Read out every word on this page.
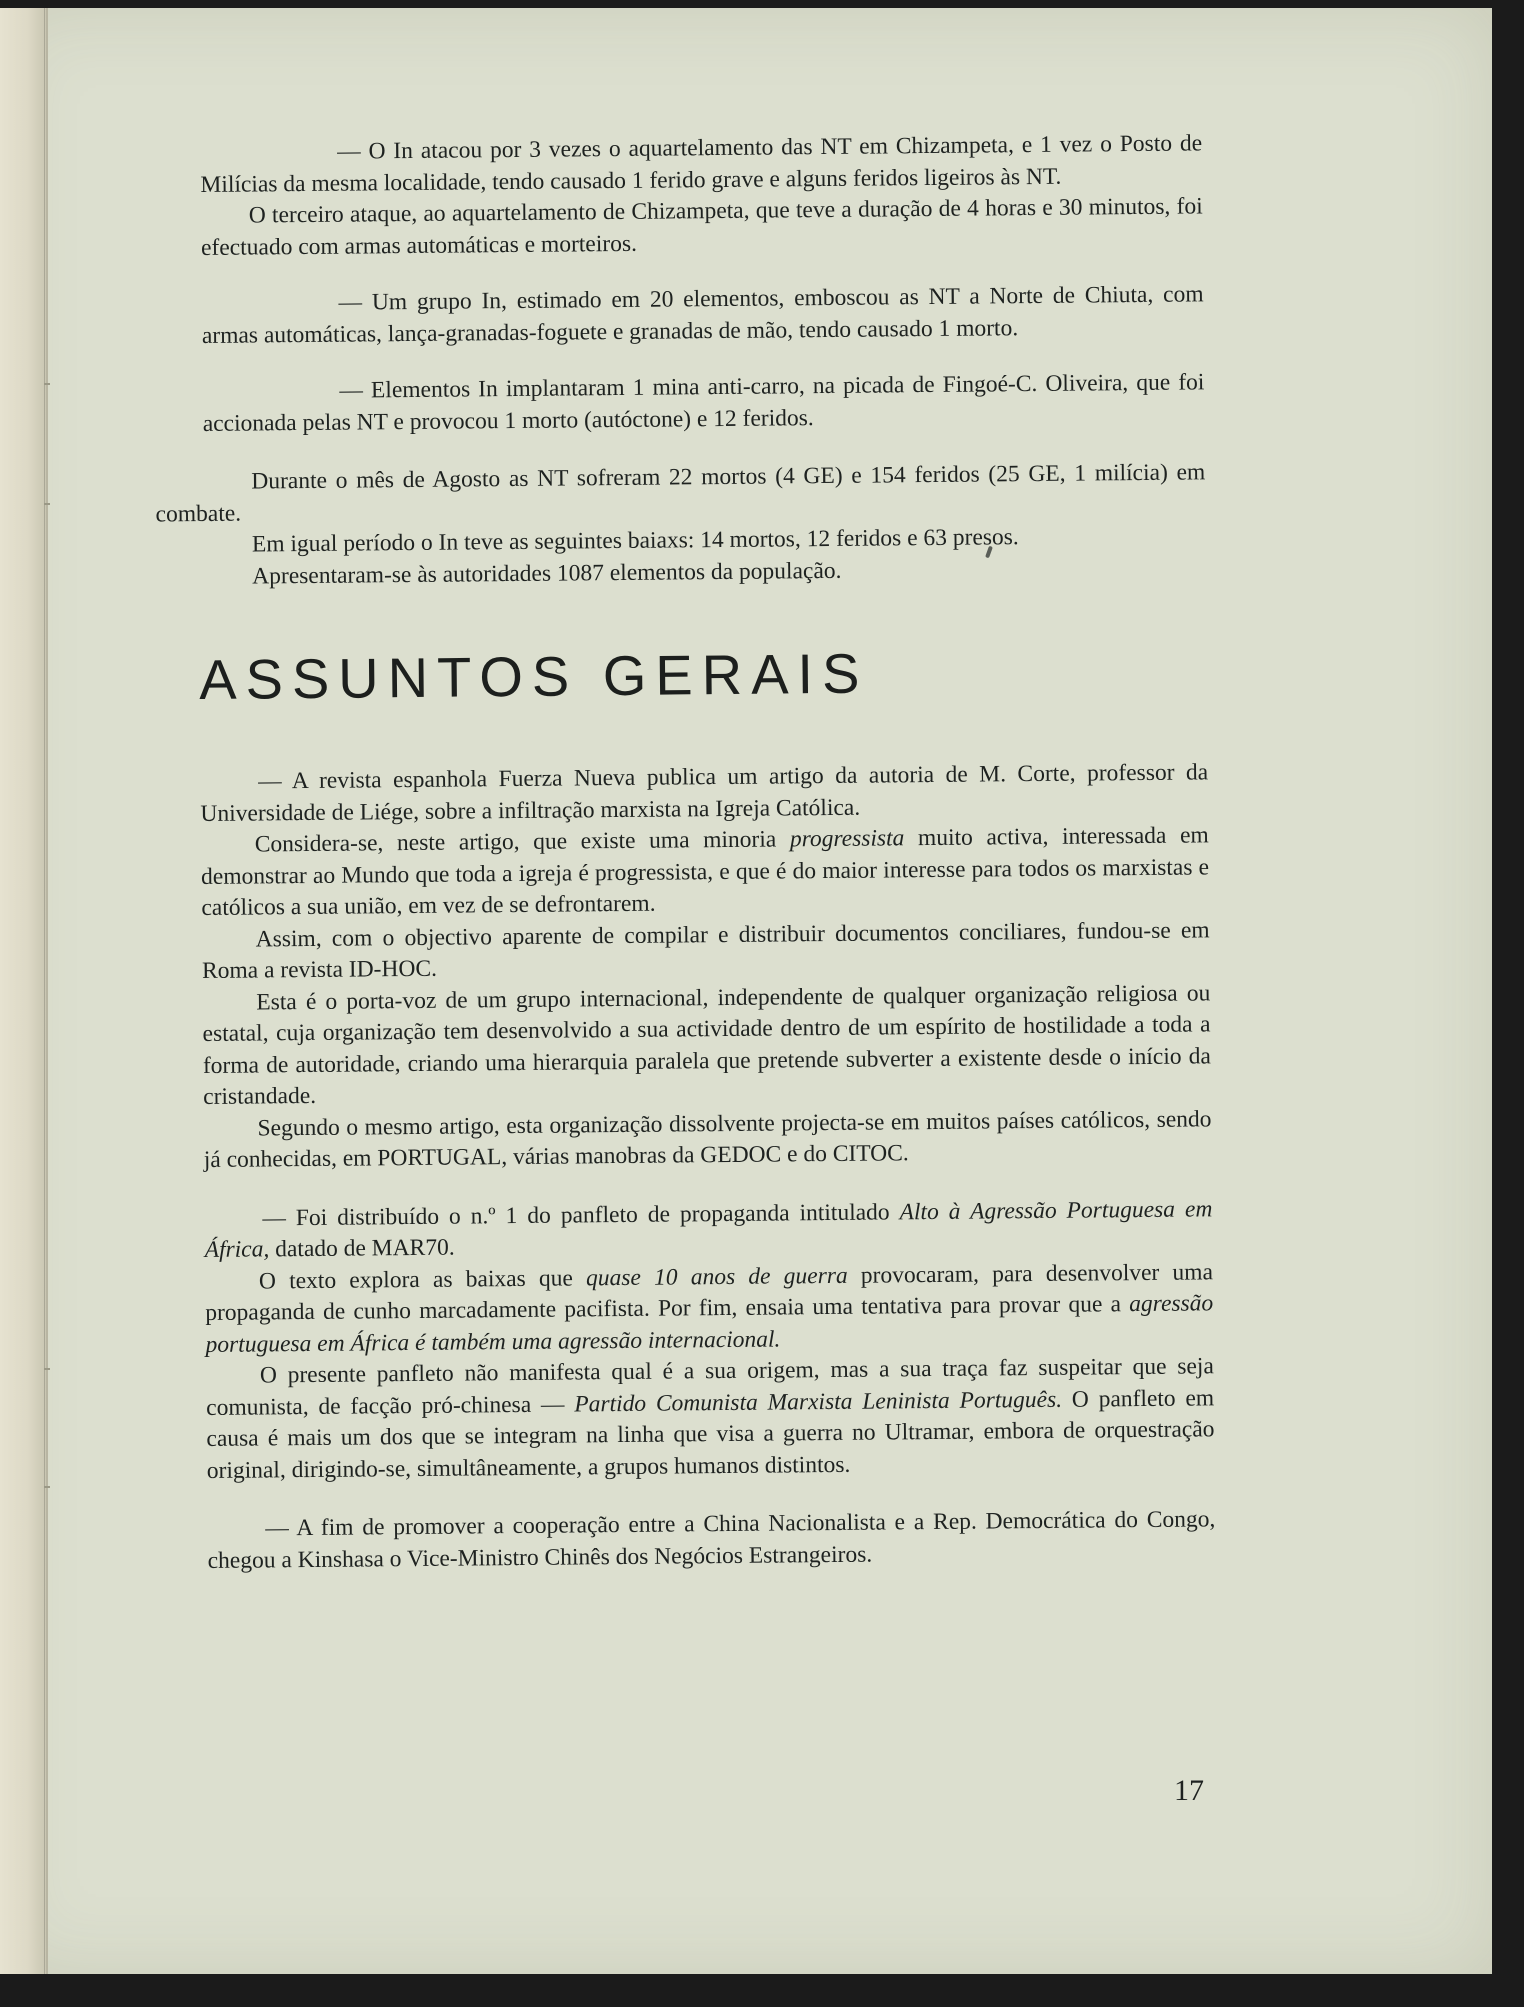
— O In atacou por 3 vezes o aquartelamento das NT em Chizampeta, e 1 vez o Posto de Milícias da mesma localidade, tendo causado 1 ferido grave e alguns feridos ligeiros às NT.

O terceiro ataque, ao aquartelamento de Chizampeta, que teve a duração de 4 horas e 30 minutos, foi efectuado com armas automáticas e morteiros.

— Um grupo In, estimado em 20 elementos, emboscou as NT a Norte de Chiuta, com armas automáticas, lança-granadas-foguete e granadas de mão, tendo causado 1 morto.

— Elementos In implantaram 1 mina anti-carro, na picada de Fingoé-C. Oliveira, que foi accionada pelas NT e provocou 1 morto (autóctone) e 12 feridos.

Durante o mês de Agosto as NT sofreram 22 mortos (4 GE) e 154 feridos (25 GE, 1 milícia) em combate.

Em igual período o In teve as seguintes baiaxs: 14 mortos, 12 feridos e 63 presos.

Apresentaram-se às autoridades 1087 elementos da população.

ASSUNTOS GERAIS

— A revista espanhola Fuerza Nueva publica um artigo da autoria de M. Corte, professor da Universidade de Liége, sobre a infiltração marxista na Igreja Católica.

Considera-se, neste artigo, que existe uma minoria progressista muito activa, interessada em demonstrar ao Mundo que toda a igreja é progressista, e que é do maior interesse para todos os marxistas e católicos a sua união, em vez de se defrontarem.

Assim, com o objectivo aparente de compilar e distribuir documentos conciliares, fundou-se em Roma a revista ID-HOC.

Esta é o porta-voz de um grupo internacional, independente de qualquer organização religiosa ou estatal, cuja organização tem desenvolvido a sua actividade dentro de um espírito de hostilidade a toda a forma de autoridade, criando uma hierarquia paralela que pretende subverter a existente desde o início da cristandade.

Segundo o mesmo artigo, esta organização dissolvente projecta-se em muitos países católicos, sendo já conhecidas, em PORTUGAL, várias manobras da GEDOC e do CITOC.

— Foi distribuído o n.º 1 do panfleto de propaganda intitulado Alto à Agressão Portuguesa em África, datado de MAR70.

O texto explora as baixas que quase 10 anos de guerra provocaram, para desenvolver uma propaganda de cunho marcadamente pacifista. Por fim, ensaia uma tentativa para provar que a agressão portuguesa em África é também uma agressão internacional.

O presente panfleto não manifesta qual é a sua origem, mas a sua traça faz suspeitar que seja comunista, de facção pró-chinesa — Partido Comunista Marxista Leninista Português. O panfleto em causa é mais um dos que se integram na linha que visa a guerra no Ultramar, embora de orquestração original, dirigindo-se, simultâneamente, a grupos humanos distintos.

— A fim de promover a cooperação entre a China Nacionalista e a Rep. Democrática do Congo, chegou a Kinshasa o Vice-Ministro Chinês dos Negócios Estrangeiros.

17
